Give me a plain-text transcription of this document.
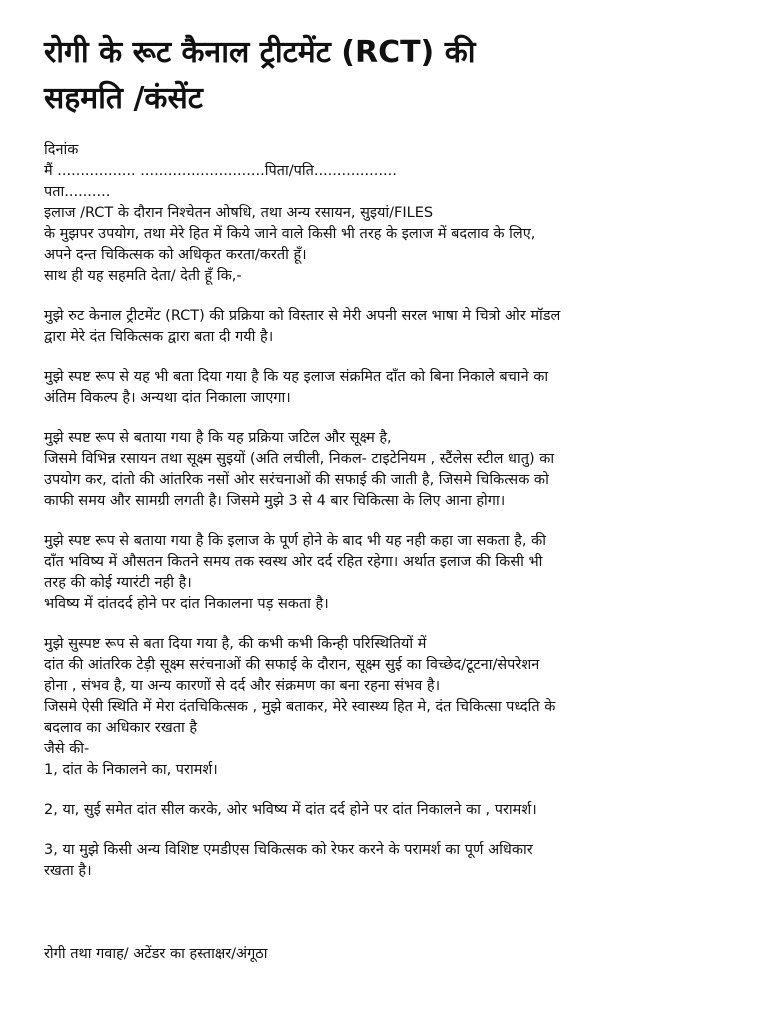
रोगी के रूट कैनाल ट्रीटमेंट (RCT) की
सहमति /कंसेंट

दिनांक

मैं ................. ...........................पिता/पति..................

पता..........

इलाज /RCT के दौरान निश्चेतन ओषधि, तथा अन्य रसायन, सुइयां/FILES

के मुझपर उपयोग, तथा मेरे हित में किये जाने वाले किसी भी तरह के इलाज में बदलाव के लिए,

अपने दन्त चिकित्सक को अधिकृत करता/करती हूँ।

साथ ही यह सहमति देता/ देती हूँ कि,-

मुझे रुट केनाल ट्रीटमेंट (RCT) की प्रक्रिया को विस्तार से मेरी अपनी सरल भाषा मे चित्रो ओर मॉडल

द्वारा मेरे दंत चिकित्सक द्वारा बता दी गयी है।

मुझे स्पष्ट रूप से यह भी बता दिया गया है कि यह इलाज संक्रमित दाँत को बिना निकाले बचाने का

अंतिम विकल्प है। अन्यथा दांत निकाला जाएगा।

मुझे स्पष्ट रूप से बताया गया है कि यह प्रक्रिया जटिल और सूक्ष्म है,

जिसमे विभिन्न रसायन तथा सूक्ष्म सुइयों (अति लचीली, निकल- टाइटेनियम , स्टैंलेस स्टील धातु) का

उपयोग कर, दांतो की आंतरिक नसों ओर सरंचनाओं की सफाई की जाती है, जिसमे चिकित्सक को

काफी समय और सामग्री लगती है। जिसमे मुझे 3 से 4 बार चिकित्सा के लिए आना होगा।

मुझे स्पष्ट रूप से बताया गया है कि इलाज के पूर्ण होने के बाद भी यह नही कहा जा सकता है, की

दाँत भविष्य में औसतन कितने समय तक स्वस्थ ओर दर्द रहित रहेगा। अर्थात इलाज की किसी भी

तरह की कोई ग्यारंटी नही है।

भविष्य में दांतदर्द होने पर दांत निकालना पड़ सकता है।

मुझे सुस्पष्ट रूप से बता दिया गया है, की कभी कभी किन्ही परिस्थितियों में

दांत की आंतरिक टेड़ी सूक्ष्म सरंचनाओं की सफाई के दौरान, सूक्ष्म सुई का विच्छेद/टूटना/सेपरेशन

होना , संभव है, या अन्य कारणों से दर्द और संक्रमण का बना रहना संभव है।

जिसमे ऐसी स्थिति में मेरा दंतचिकित्सक , मुझे बताकर, मेरे स्वास्थ्य हित मे, दंत चिकित्सा पध्दति के

बदलाव का अधिकार रखता है

जैसे की-

1, दांत के निकालने का, परामर्श।

2, या, सुई समेत दांत सील करके, ओर भविष्य में दांत दर्द होने पर दांत निकालने का , परामर्श।

3, या मुझे किसी अन्य विशिष्ट एमडीएस चिकित्सक को रेफर करने के परामर्श का पूर्ण अधिकार

रखता है।

रोगी तथा गवाह/ अटेंडर का हस्ताक्षर/अंगूठा
